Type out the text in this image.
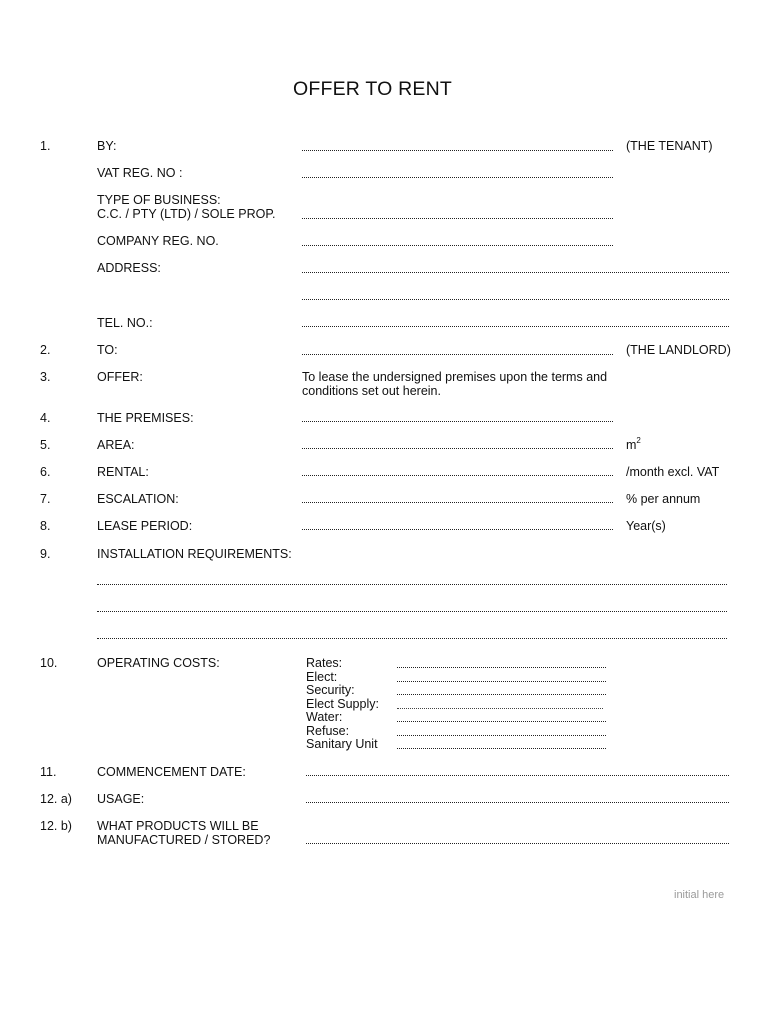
OFFER TO RENT
1.	BY:	(THE TENANT)
VAT REG. NO :
TYPE OF BUSINESS:
C.C. / PTY (LTD) / SOLE PROP.
COMPANY REG. NO.
ADDRESS:
TEL. NO.:
2.	TO:	(THE LANDLORD)
3.	OFFER:	To lease the undersigned premises upon the terms and
conditions set out herein.
4.	THE PREMISES:
5.	AREA:	$m^2$
6.	RENTAL:	/month excl. VAT
7.	ESCALATION:	% per annum
8.	LEASE PERIOD:	Year(s)
9.	INSTALLATION REQUIREMENTS:
10.	OPERATING COSTS:	Rates:
Elect:
Security:
Elect Supply:
Water:
Refuse:
Sanitary Unit
11.	COMMENCEMENT DATE:
12. a) USAGE:
12. b) WHAT PRODUCTS WILL BE
MANUFACTURED / STORED?
initial here
